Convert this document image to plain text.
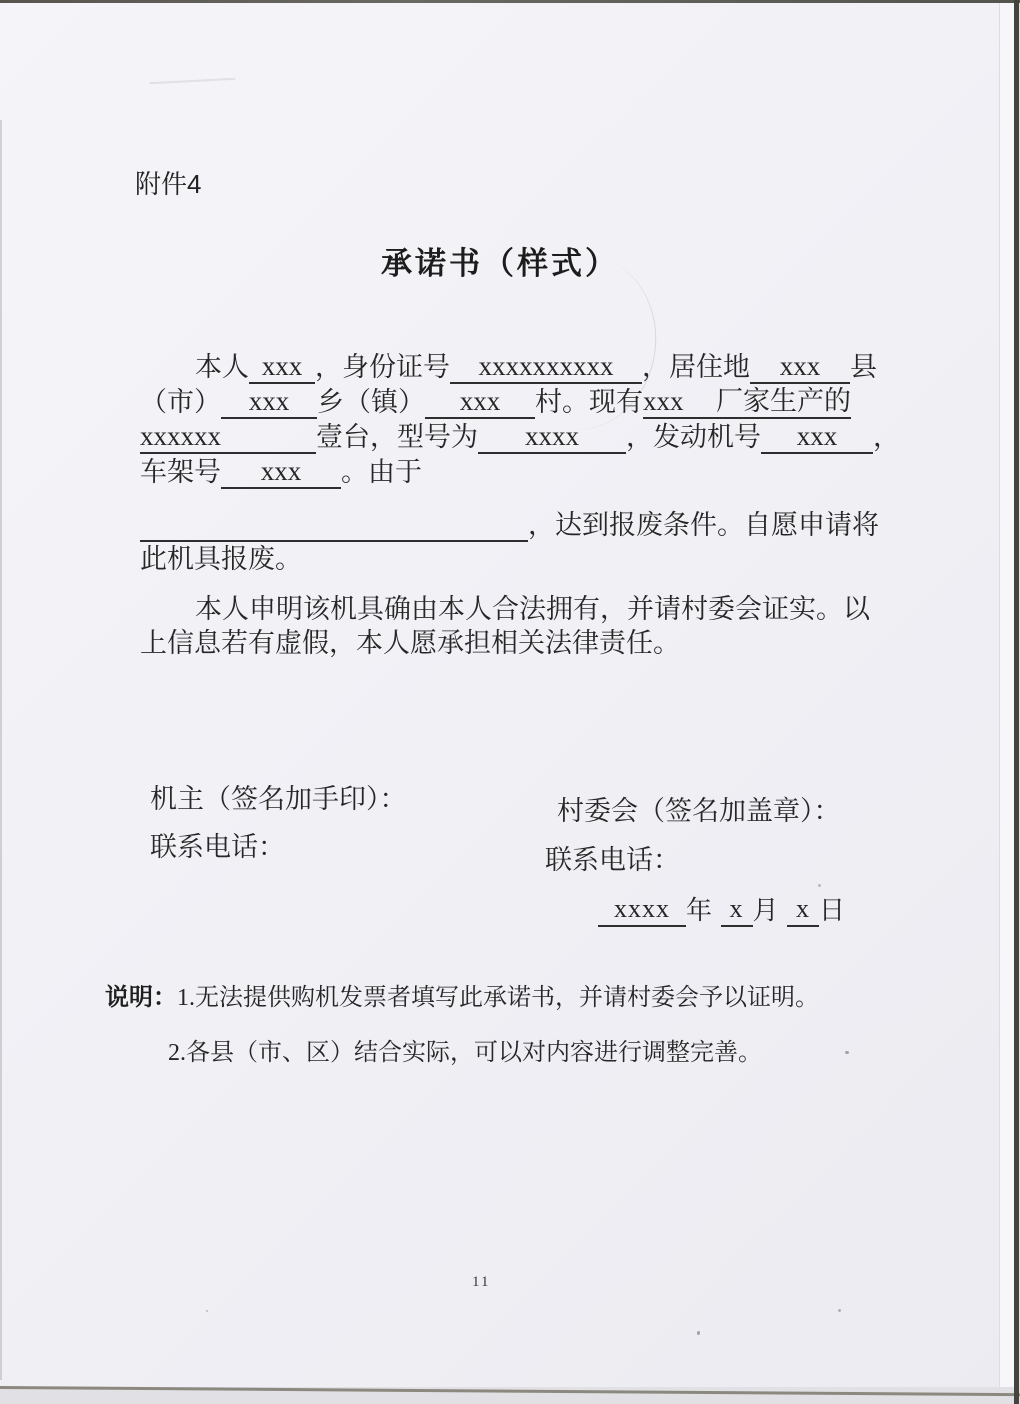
附件4
承诺书（样式）
本人 xxx ，身份证号 xxxxxxxxxx ，居住地 xxx 县
（市） xxx 乡（镇） xxx 村。现有 xxx 厂家生产的
xxxxxx	壹台，型号为 xxxx ，发动机号 xxx ，
车架号 xxx 。由于
，达到报废条件。自愿申请将
此机具报废。
本人申明该机具确由本人合法拥有，并请村委会证实。以
上信息若有虚假，本人愿承担相关法律责任。
机主（签名加手印）：	村委会（签名加盖章）：
联系电话：	联系电话：
xxxx 年 x 月 x 日
说明：1.无法提供购机发票者填写此承诺书，并请村委会予以证明。
2.各县（市、区）结合实际，可以对内容进行调整完善。
11
